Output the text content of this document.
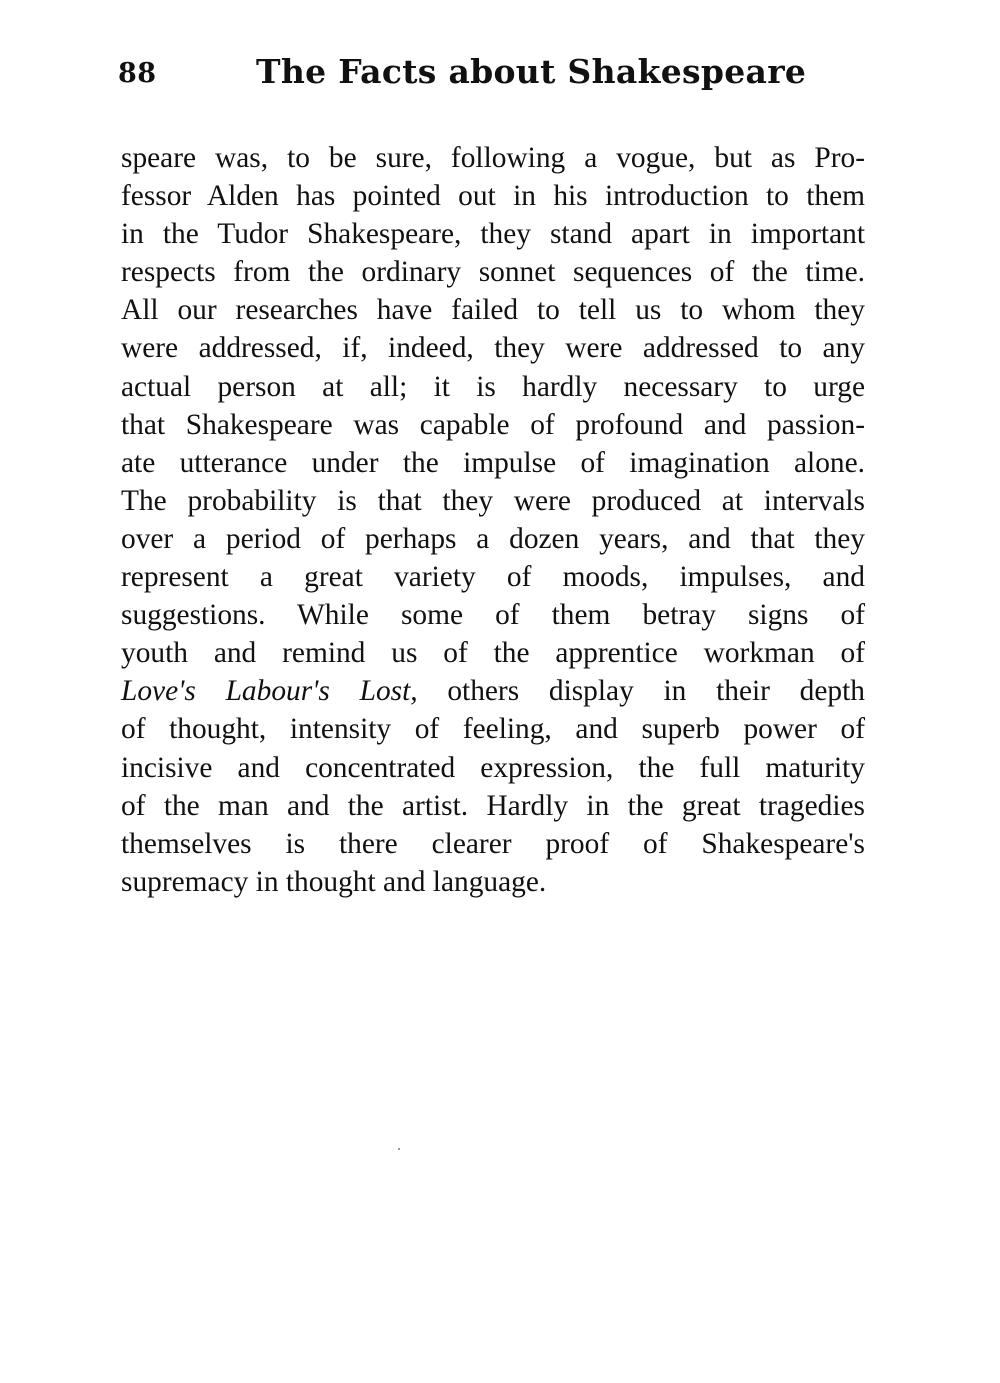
88	The Facts about Shakespeare
speare was, to be sure, following a vogue, but as Pro-
fessor Alden has pointed out in his introduction to them
in the Tudor Shakespeare, they stand apart in important
respects from the ordinary sonnet sequences of the time.
All our researches have failed to tell us to whom they
were addressed, if, indeed, they were addressed to any
actual person at all; it is hardly necessary to urge
that Shakespeare was capable of profound and passion-
ate utterance under the impulse of imagination alone.
The probability is that they were produced at intervals
over a period of perhaps a dozen years, and that they
represent a great variety of moods, impulses, and
suggestions. While some of them betray signs of
youth and remind us of the apprentice workman of
Love's Labour's Lost, others display in their depth
of thought, intensity of feeling, and superb power of
incisive and concentrated expression, the full maturity
of the man and the artist. Hardly in the great tragedies
themselves is there clearer proof of Shakespeare's
supremacy in thought and language.
